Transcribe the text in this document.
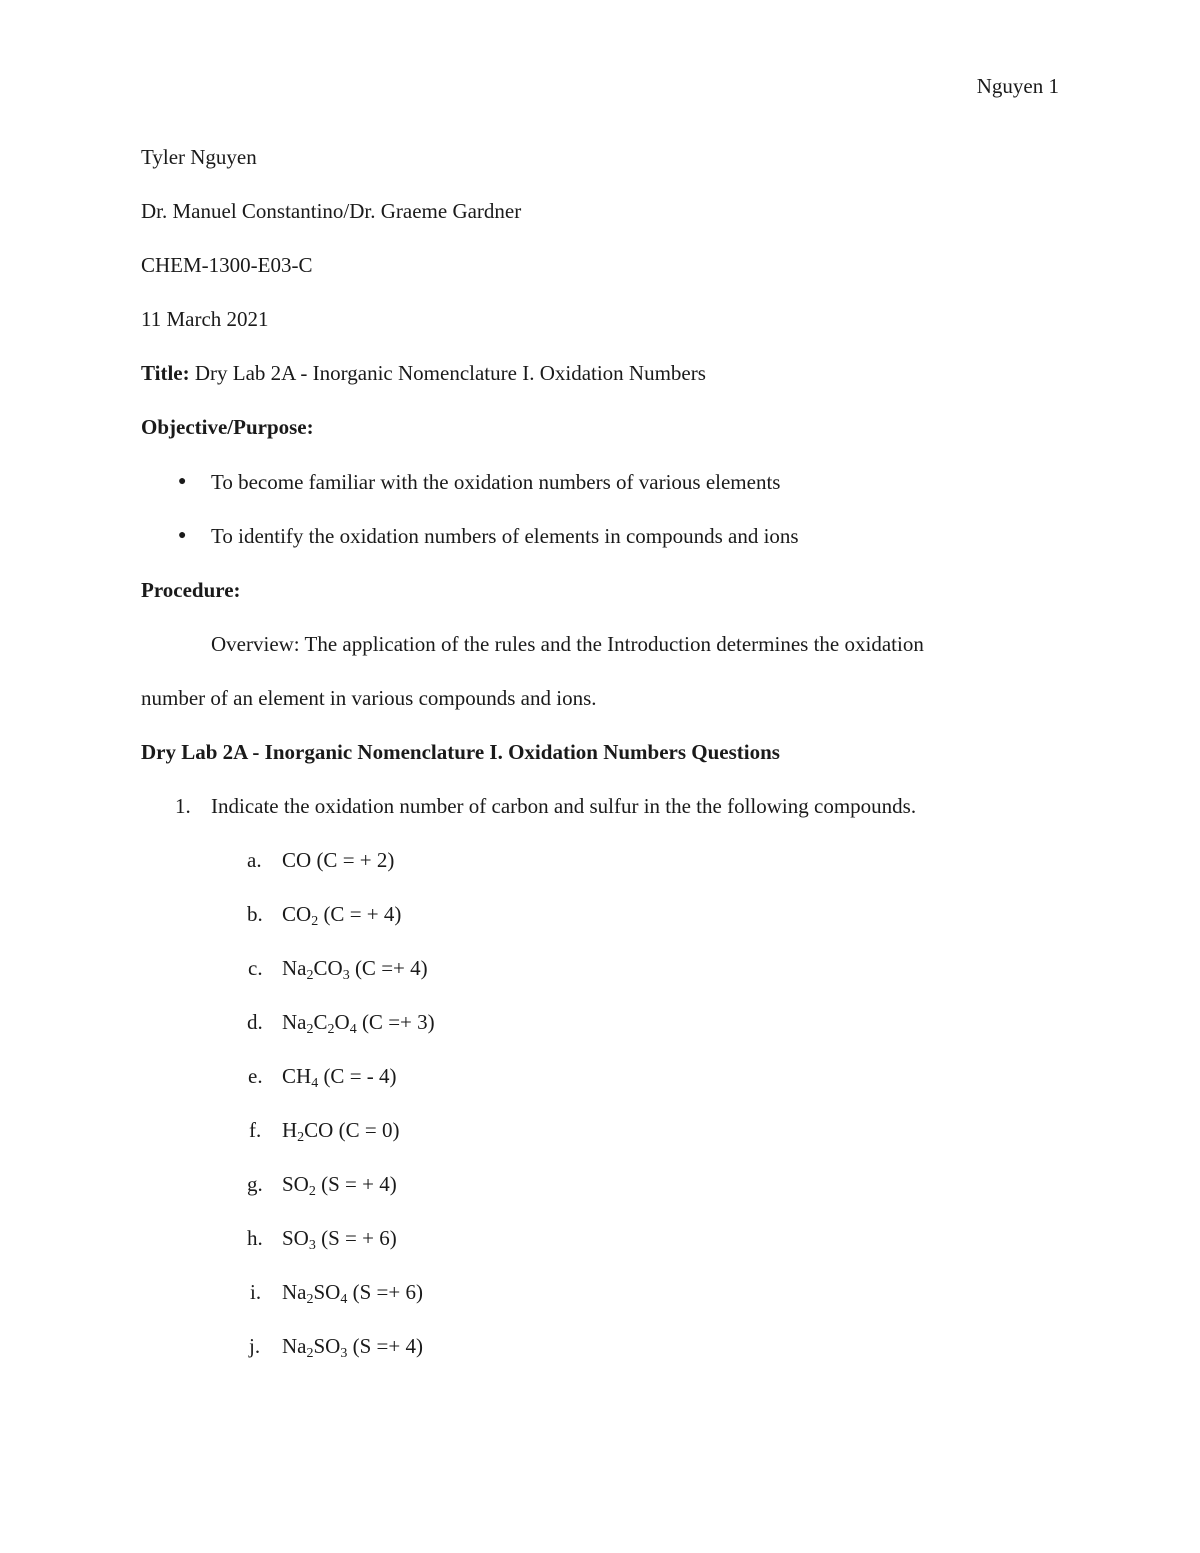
Nguyen 1
Tyler Nguyen
Dr. Manuel Constantino/Dr. Graeme Gardner
CHEM-1300-E03-C
11 March 2021
Title: Dry Lab 2A - Inorganic Nomenclature I. Oxidation Numbers
Objective/Purpose:
● To become familiar with the oxidation numbers of various elements
● To identify the oxidation numbers of elements in compounds and ions
Procedure:
Overview: The application of the rules and the Introduction determines the oxidation
number of an element in various compounds and ions.
Dry Lab 2A - Inorganic Nomenclature I. Oxidation Numbers Questions
1. Indicate the oxidation number of carbon and sulfur in the the following compounds.
a. CO (C = + 2)
b. $CO_2$ (C = + 4)
c. $Na_2CO_3$ (C =+ 4)
d. $Na_2C_2O_4$ (C =+ 3)
e. $CH_4$ (C = - 4)
f. $H_2CO$ (C = 0)
g. $SO_2$ (S = + 4)
h. $SO_3$ (S = + 6)
i. $Na_2SO_4$ (S =+ 6)
j. $Na_2SO_3$ (S =+ 4)
